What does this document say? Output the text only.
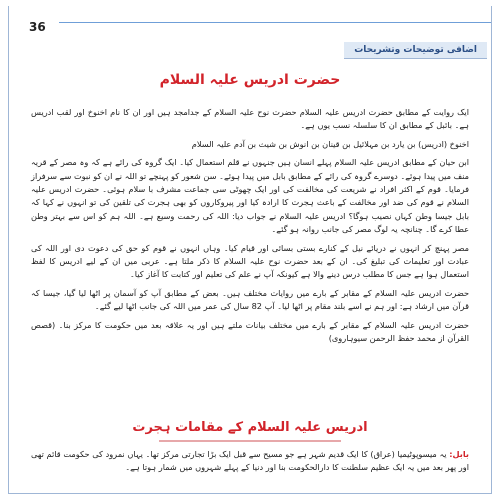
36
اضافی توضیحات وتشریحات
حضرت ادریس علیہ السلام

ایک روایت کے مطابق حضرت ادریس علیہ السلام حضرت نوح علیہ السلام کے جدامجد ہیں اور ان کا نام اخنوخ اور لقب ادریس ہے۔ بائبل کے مطابق ان کا سلسلہ نسب یوں ہے۔

اخنوخ (ادریس) بن یارد بن مہلائیل بن قینان بن انوش بن شیث بن آدم علیہ السلام

ابن حیان کے مطابق ادریس علیہ السلام پہلے انسان ہیں جنہوں نے قلم استعمال کیا۔ ایک گروہ کی رائے ہے کہ وہ مصر کے قریہ منف میں پیدا ہوئے۔ دوسرے گروہ کی رائے کے مطابق بابل میں پیدا ہوئے۔ سن شعور کو پہنچے تو اللہ نے ان کو نبوت سے سرفراز فرمایا۔ قوم کے اکثر افراد نے شریعت کی مخالفت کی اور ایک چھوٹی سی جماعت مشرف با سلام ہوئی۔ حضرت ادریس علیہ السلام نے قوم کی ضد اور مخالفت کے باعث ہجرت کا ارادہ کیا اور پیروکاروں کو بھی ہجرت کی تلقین کی تو انہوں نے کہا کہ بابل جیسا وطن کہاں نصیب ہوگا؟ ادریس علیہ السلام نے جواب دیا: اللہ کی رحمت وسیع ہے۔ اللہ ہم کو اس سے بہتر وطن عطا کرے گا۔ چنانچہ یہ لوگ مصر کی جانب روانہ ہو گئے۔

مصر پہنچ کر انہوں نے دریائے نیل کے کنارے بستی بسائی اور قیام کیا۔ وہاں انہوں نے قوم کو حق کی دعوت دی اور اللہ کی عبادت اور تعلیمات کی تبلیغ کی۔ ان کے بعد حضرت نوح علیہ السلام کا ذکر ملتا ہے۔ عربی میں ان کے لیے ادریس کا لفظ استعمال ہوا ہے جس کا مطلب درس دینے والا ہے کیونکہ آپ نے علم کی تعلیم اور کتابت کا آغاز کیا۔

حضرت ادریس علیہ السلام کے مقابر کے بارے میں روایات مختلف ہیں۔ بعض کے مطابق آپ کو آسمان پر اٹھا لیا گیا، جیسا کہ قرآن میں ارشاد ہے: اور ہم نے اسے بلند مقام پر اٹھا لیا۔ آپ 82 سال کی عمر میں اللہ کی جانب اٹھا لیے گئے۔

حضرت ادریس علیہ السلام کے مقابر کے بارے میں مختلف بیانات ملتے ہیں اور یہ علاقہ بعد میں حکومت کا مرکز بنا۔ (قصص القرآن از محمد حفظ الرحمن سیوہاروی)

ادریس علیہ السلام کے مقامات ہجرت
بابل: یہ میسوپوٹیمیا (عراق) کا ایک قدیم شہر ہے جو مسیح سے قبل ایک بڑا تجارتی مرکز تھا۔ یہاں نمرود کی حکومت قائم تھی اور پھر بعد میں یہ ایک عظیم سلطنت کا دارالحکومت بنا اور دنیا کے پہلے شہروں میں شمار ہوتا ہے۔
